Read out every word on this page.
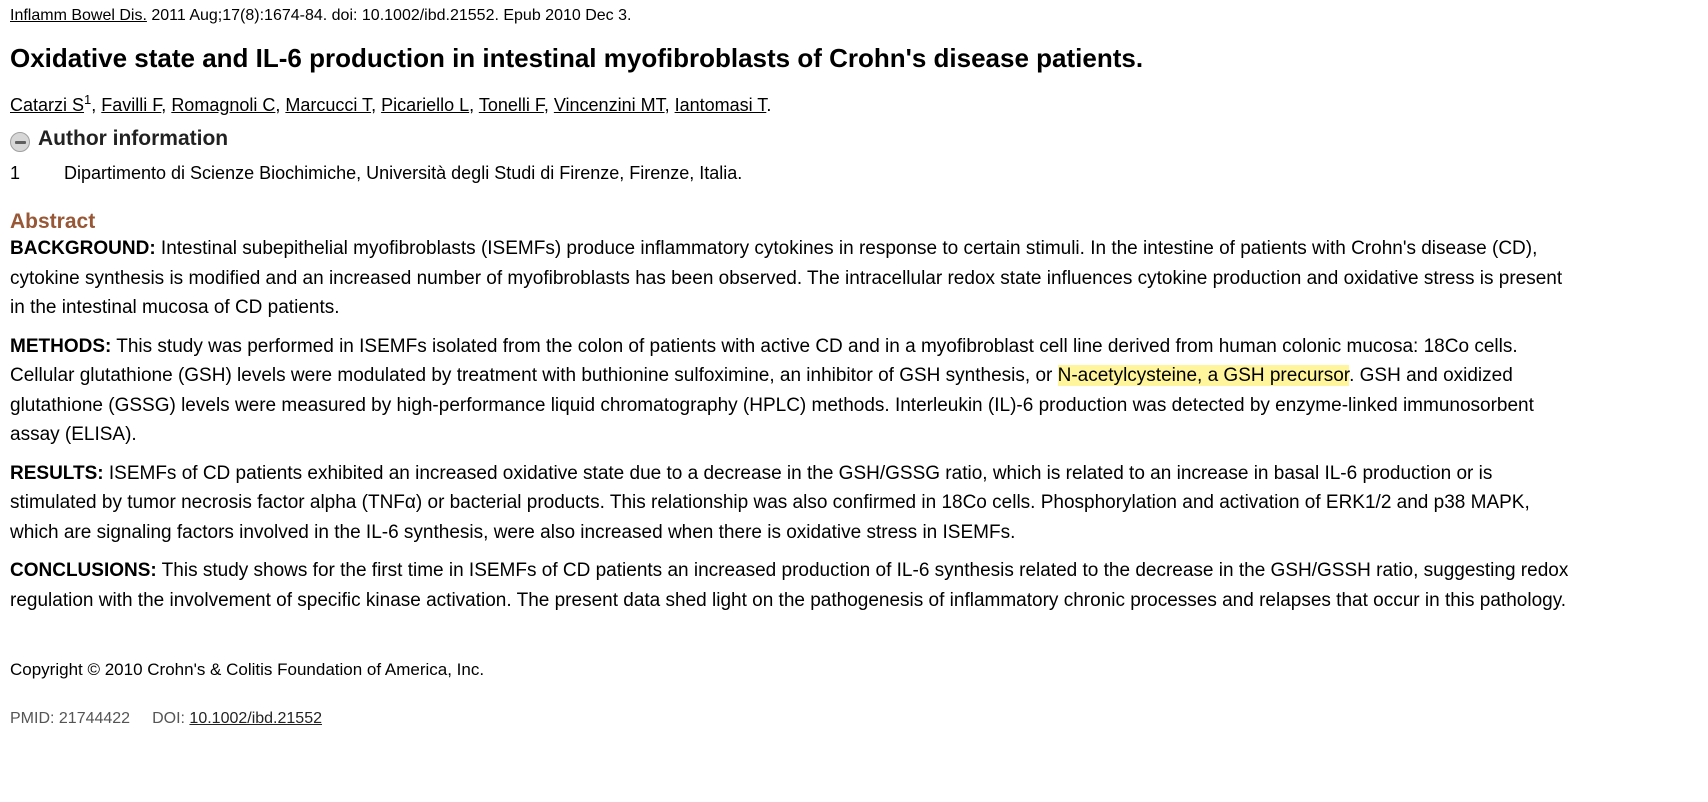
Inflamm Bowel Dis. 2011 Aug;17(8):1674-84. doi: 10.1002/ibd.21552. Epub 2010 Dec 3.
Oxidative state and IL-6 production in intestinal myofibroblasts of Crohn's disease patients.
Catarzi $S^1$, Favilli F, Romagnoli C, Marcucci T, Picariello L, Tonelli F, Vincenzini MT, Iantomasi T.
Author information
1 Dipartimento di Scienze Biochimiche, Università degli Studi di Firenze, Firenze, Italia.
Abstract

BACKGROUND: Intestinal subepithelial myofibroblasts (ISEMFs) produce inflammatory cytokines in response to certain stimuli. In the intestine of patients with Crohn's disease (CD), cytokine synthesis is modified and an increased number of myofibroblasts has been observed. The intracellular redox state influences cytokine production and oxidative stress is present in the intestinal mucosa of CD patients.

METHODS: This study was performed in ISEMFs isolated from the colon of patients with active CD and in a myofibroblast cell line derived from human colonic mucosa: 18Co cells. Cellular glutathione (GSH) levels were modulated by treatment with buthionine sulfoximine, an inhibitor of GSH synthesis, or N-acetylcysteine, a GSH precursor. GSH and oxidized glutathione (GSSG) levels were measured by high-performance liquid chromatography (HPLC) methods. Interleukin (IL)-6 production was detected by enzyme-linked immunosorbent assay (ELISA).

RESULTS: ISEMFs of CD patients exhibited an increased oxidative state due to a decrease in the GSH/GSSG ratio, which is related to an increase in basal IL-6 production or is stimulated by tumor necrosis factor alpha (TNFα) or bacterial products. This relationship was also confirmed in 18Co cells. Phosphorylation and activation of ERK1/2 and p38 MAPK, which are signaling factors involved in the IL-6 synthesis, were also increased when there is oxidative stress in ISEMFs.

CONCLUSIONS: This study shows for the first time in ISEMFs of CD patients an increased production of IL-6 synthesis related to the decrease in the GSH/GSSH ratio, suggesting redox regulation with the involvement of specific kinase activation. The present data shed light on the pathogenesis of inflammatory chronic processes and relapses that occur in this pathology.

Copyright © 2010 Crohn's & Colitis Foundation of America, Inc.
PMID: 21744422 DOI: 10.1002/ibd.21552
